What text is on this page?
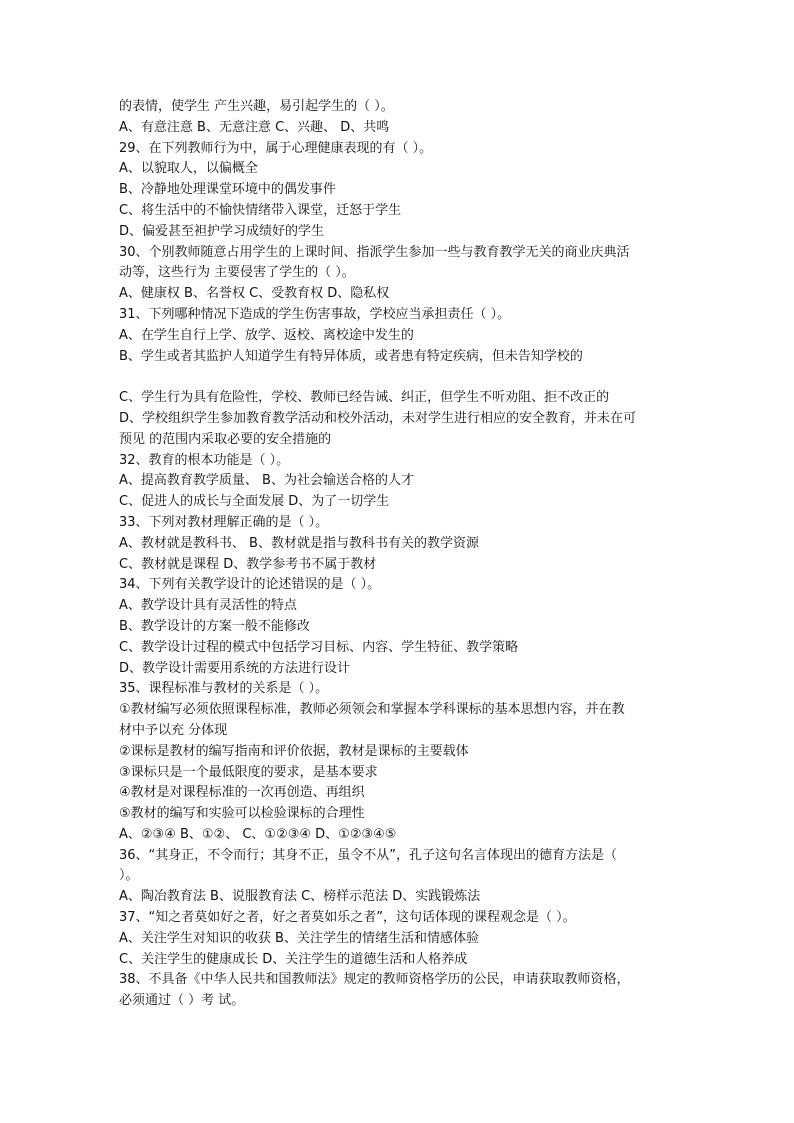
的表情，使学生 产生兴趣，易引起学生的（ ）。
A、有意注意 B、无意注意 C、兴趣、 D、共鸣
29、在下列教师行为中，属于心理健康表现的有（ ）。
A、以貌取人，以偏概全
B、冷静地处理课堂环境中的偶发事件
C、将生活中的不愉快情绪带入课堂，迁怒于学生
D、偏爱甚至袒护学习成绩好的学生
30、个别教师随意占用学生的上课时间、指派学生参加一些与教育教学无关的商业庆典活
动等，这些行为 主要侵害了学生的（ ）。
A、健康权 B、名誉权 C、受教育权 D、隐私权
31、下列哪种情况下造成的学生伤害事故，学校应当承担责任（ ）。
A、在学生自行上学、放学、返校、离校途中发生的
B、学生或者其监护人知道学生有特异体质，或者患有特定疾病，但未告知学校的
C、学生行为具有危险性，学校、教师已经告诫、纠正，但学生不听劝阻、拒不改正的
D、学校组织学生参加教育教学活动和校外活动，未对学生进行相应的安全教育，并未在可
预见 的范围内采取必要的安全措施的
32、教育的根本功能是（ ）。
A、提高教育教学质量、 B、为社会输送合格的人才
C、促进人的成长与全面发展 D、为了一切学生
33、下列对教材理解正确的是（ ）。
A、教材就是教科书、 B、教材就是指与教科书有关的教学资源
C、教材就是课程 D、教学参考书不属于教材
34、下列有关教学设计的论述错误的是（ ）。
A、教学设计具有灵活性的特点
B、教学设计的方案一般不能修改
C、教学设计过程的模式中包括学习目标、内容、学生特征、教学策略
D、教学设计需要用系统的方法进行设计
35、课程标准与教材的关系是（ ）。
①教材编写必须依照课程标准，教师必须领会和掌握本学科课标的基本思想内容，并在教
材中予以充 分体现
②课标是教材的编写指南和评价依据，教材是课标的主要载体
③课标只是一个最低限度的要求，是基本要求
④教材是对课程标准的一次再创造、再组织
⑤教材的编写和实验可以检验课标的合理性
A、②③④ B、①②、 C、①②③④ D、①②③④⑤
36、“其身正，不令而行；其身不正，虽令不从”，孔子这句名言体现出的德育方法是（
）。
A、陶冶教育法 B、说服教育法 C、榜样示范法 D、实践锻炼法
37、“知之者莫如好之者，好之者莫如乐之者”，这句话体现的课程观念是（ ）。
A、关注学生对知识的收获 B、关注学生的情绪生活和情感体验
C、关注学生的健康成长 D、关注学生的道德生活和人格养成
38、不具备《中华人民共和国教师法》规定的教师资格学历的公民，申请获取教师资格，
必须通过（ ）考 试。
